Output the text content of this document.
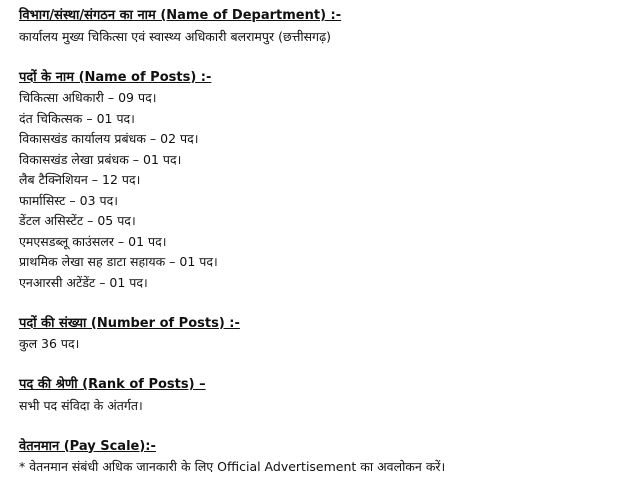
विभाग/संस्था/संगठन का नाम (Name of Department) :-
कार्यालय मुख्य चिकित्सा एवं स्वास्थ्य अधिकारी बलरामपुर (छत्तीसगढ़)
पदों के नाम (Name of Posts) :-
चिकित्सा अधिकारी – 09 पद।
दंत चिकित्सक – 01 पद।
विकासखंड कार्यालय प्रबंधक – 02 पद।
विकासखंड लेखा प्रबंधक – 01 पद।
लैब टैक्निशियन – 12 पद।
फार्मासिस्ट – 03 पद।
डेंटल असिस्टेंट – 05 पद।
एमएसडब्लू काउंसलर – 01 पद।
प्राथमिक लेखा सह डाटा सहायक – 01 पद।
एनआरसी अटेंडेंट – 01 पद।
पदों की संख्या (Number of Posts) :-
कुल 36 पद।
पद की श्रेणी (Rank of Posts) –
सभी पद संविदा के अंतर्गत।
वेतनमान (Pay Scale):-
* वेतनमान संबंधी अधिक जानकारी के लिए Official Advertisement का अवलोकन करें।
